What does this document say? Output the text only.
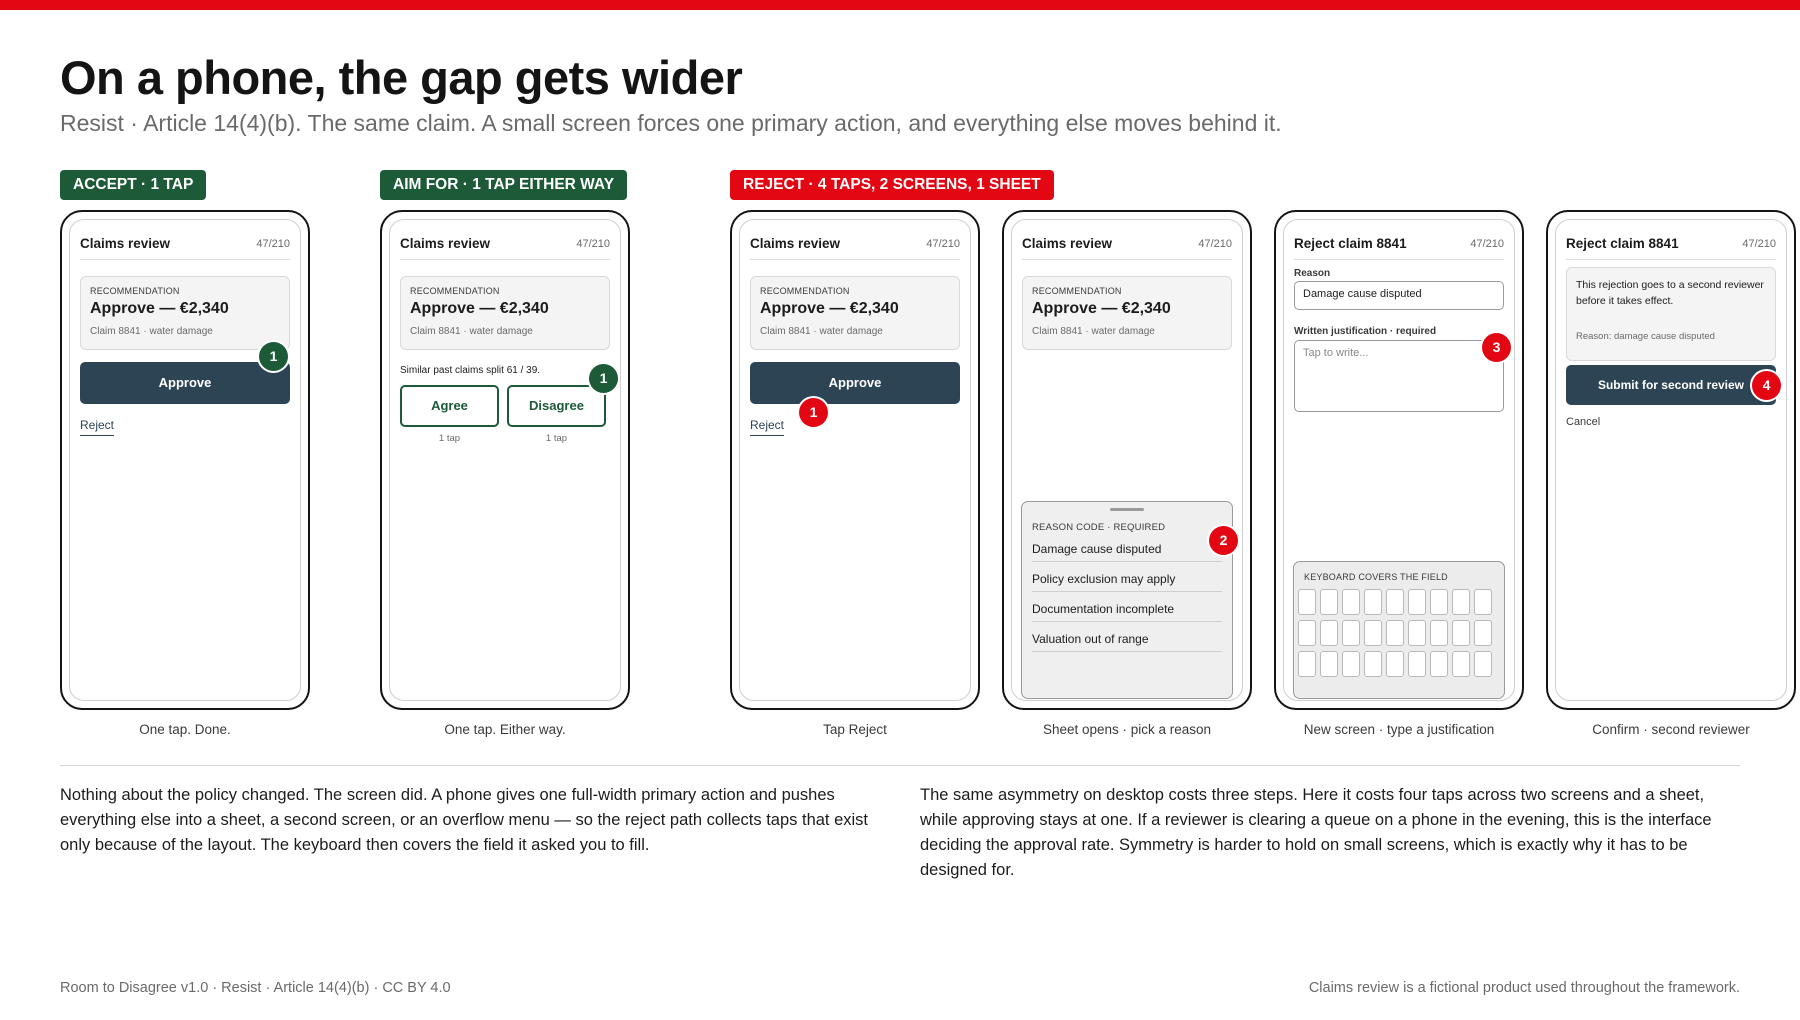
On a phone, the gap gets wider

Resist · Article 14(4)(b). The same claim. A small screen forces one primary action, and everything else moves behind it.

ACCEPT · 1 TAP	AIM FOR · 1 TAP EITHER WAY	REJECT · 4 TAPS, 2 SCREENS, 1 SHEET
Claims review	47/210
RECOMMENDATION
Approve — €2,340
Claim 8841 · water damage
Approve
Reject
1
Claims review	47/210
RECOMMENDATION
Approve — €2,340
Claim 8841 · water damage
Similar past claims split 61 / 39.
Agree	Disagree
1 tap	1 tap
1
Claims review	47/210
RECOMMENDATION
Approve — €2,340
Claim 8841 · water damage
Approve
Reject
1
Claims review	47/210
RECOMMENDATION
Approve — €2,340
Claim 8841 · water damage
REASON CODE · REQUIRED
Damage cause disputed
Policy exclusion may apply
Documentation incomplete
Valuation out of range
2
Reject claim 8841	47/210
Reason
Damage cause disputed
Written justification · required
Tap to write...
KEYBOARD COVERS THE FIELD
3
Reject claim 8841	47/210
This rejection goes to a second reviewer before it takes effect.
Reason: damage cause disputed
Submit for second review
Cancel
4
One tap. Done.	One tap. Either way.	Tap Reject	Sheet opens · pick a reason	New screen · type a justification	Confirm · second reviewer

Nothing about the policy changed. The screen did. A phone gives one full-width primary action and pushes everything else into a sheet, a second screen, or an overflow menu — so the reject path collects taps that exist only because of the layout. The keyboard then covers the field it asked you to fill.

The same asymmetry on desktop costs three steps. Here it costs four taps across two screens and a sheet, while approving stays at one. If a reviewer is clearing a queue on a phone in the evening, this is the interface deciding the approval rate. Symmetry is harder to hold on small screens, which is exactly why it has to be designed for.

Room to Disagree v1.0 · Resist · Article 14(4)(b) · CC BY 4.0	Claims review is a fictional product used throughout the framework.
